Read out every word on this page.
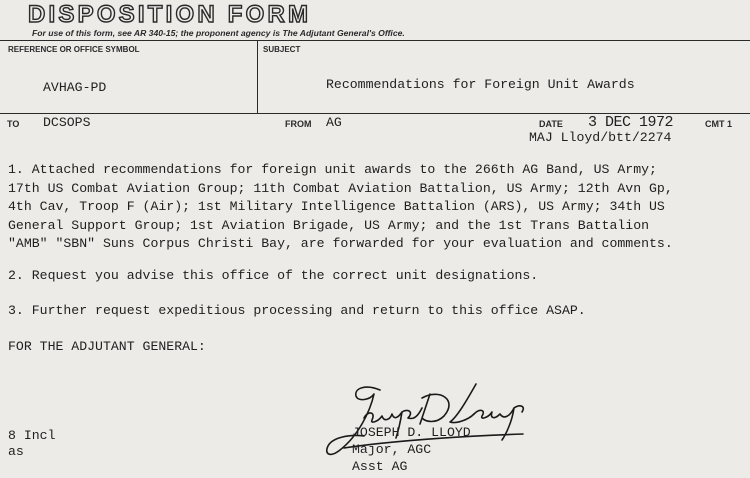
DISPOSITION FORM
For use of this form, see AR 340-15; the proponent agency is The Adjutant General's Office.
REFERENCE OR OFFICE SYMBOL
AVHAG-PD
SUBJECT
Recommendations for Foreign Unit Awards
TO DCSOPS	FROM AG	DATE 3 DEC 1972	CMT 1
MAJ Lloyd/btt/2274
1. Attached recommendations for foreign unit awards to the 266th AG Band, US Army;
17th US Combat Aviation Group; 11th Combat Aviation Battalion, US Army; 12th Avn Gp,
4th Cav, Troop F (Air); 1st Military Intelligence Battalion (ARS), US Army; 34th US
General Support Group; 1st Aviation Brigade, US Army; and the 1st Trans Battalion
"AMB" "SBN" Suns Corpus Christi Bay, are forwarded for your evaluation and comments.
2. Request you advise this office of the correct unit designations.
3. Further request expeditious processing and return to this office ASAP.
FOR THE ADJUTANT GENERAL:
JOSEPH D. LLOYD
Major, AGC
Asst AG
8 Incl
as
